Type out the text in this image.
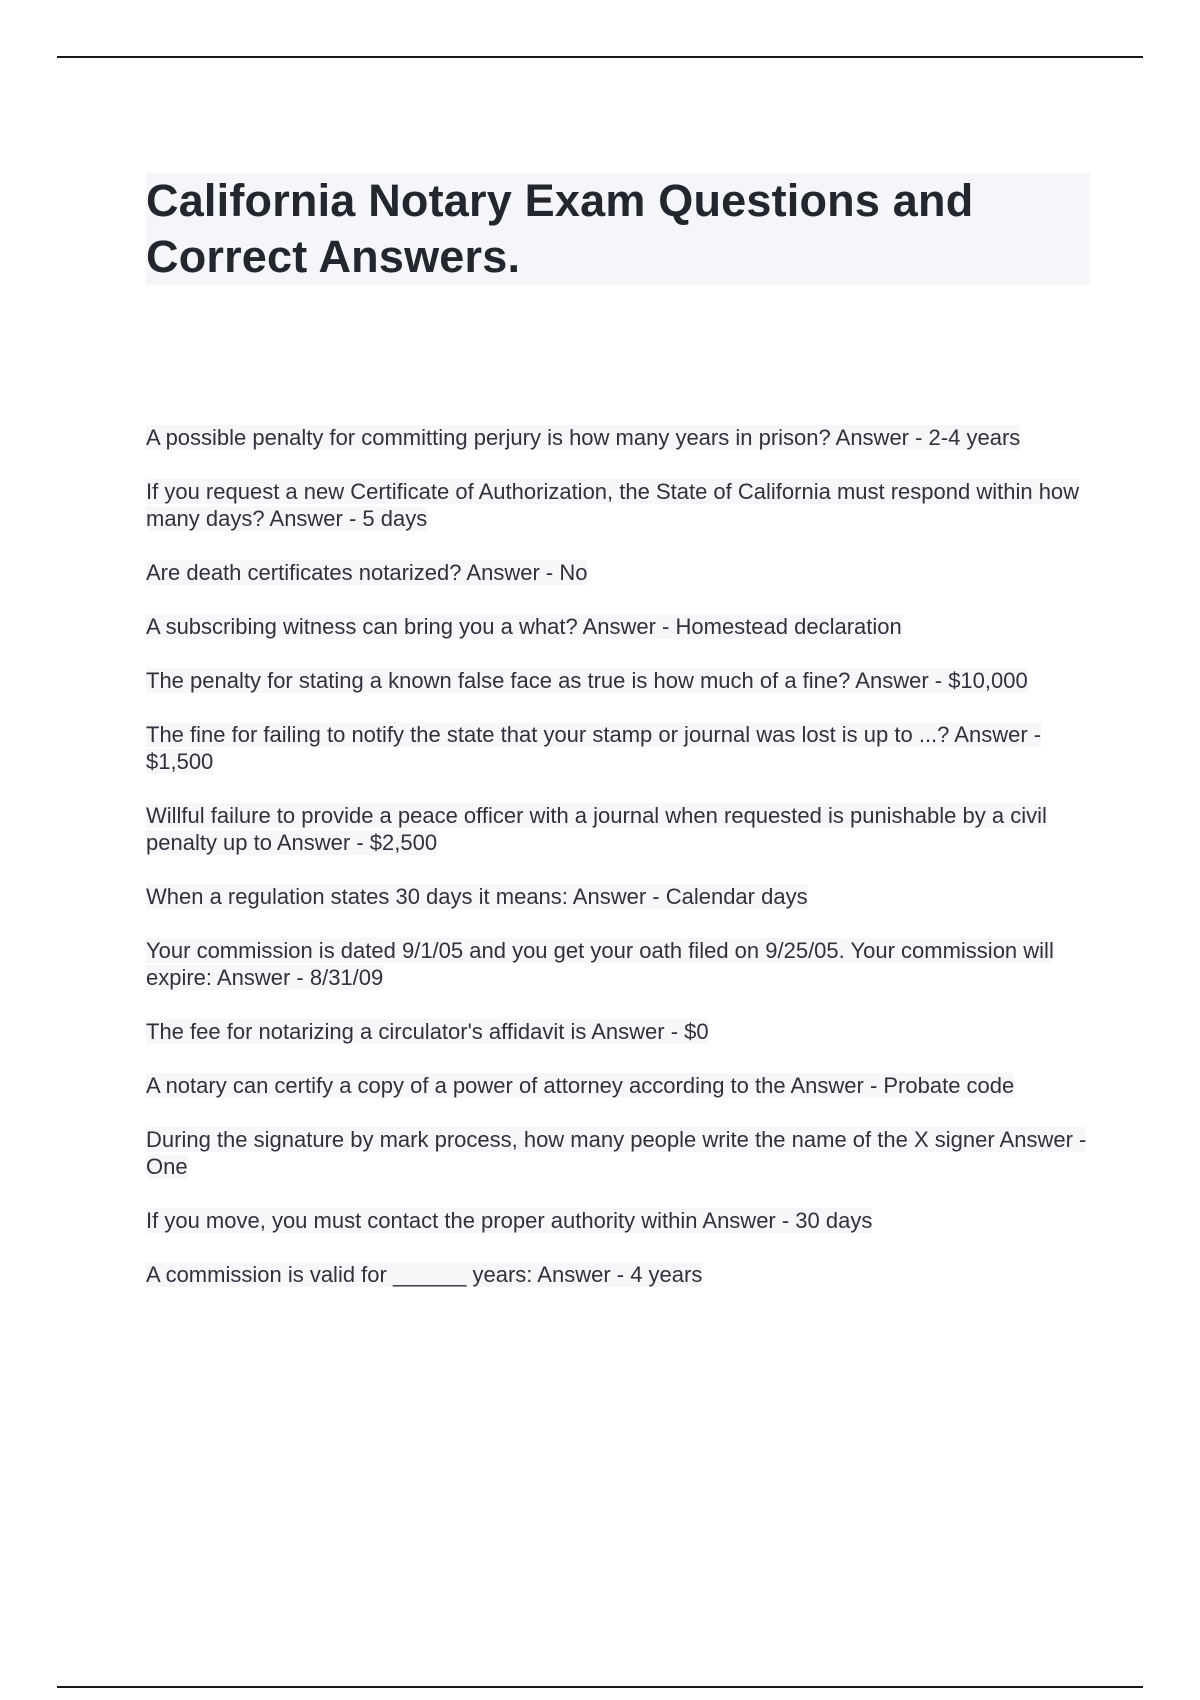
California Notary Exam Questions and
Correct Answers.
A possible penalty for committing perjury is how many years in prison? Answer - 2-4 years
If you request a new Certificate of Authorization, the State of California must respond within how many days? Answer - 5 days
Are death certificates notarized? Answer - No
A subscribing witness can bring you a what? Answer - Homestead declaration
The penalty for stating a known false face as true is how much of a fine? Answer - $10,000
The fine for failing to notify the state that your stamp or journal was lost is up to ...? Answer - $1,500
Willful failure to provide a peace officer with a journal when requested is punishable by a civil penalty up to Answer - $2,500
When a regulation states 30 days it means: Answer - Calendar days
Your commission is dated 9/1/05 and you get your oath filed on 9/25/05. Your commission will expire: Answer - 8/31/09
The fee for notarizing a circulator's affidavit is Answer - $0
A notary can certify a copy of a power of attorney according to the Answer - Probate code
During the signature by mark process, how many people write the name of the X signer Answer - One
If you move, you must contact the proper authority within Answer - 30 days
A commission is valid for ______ years: Answer - 4 years
